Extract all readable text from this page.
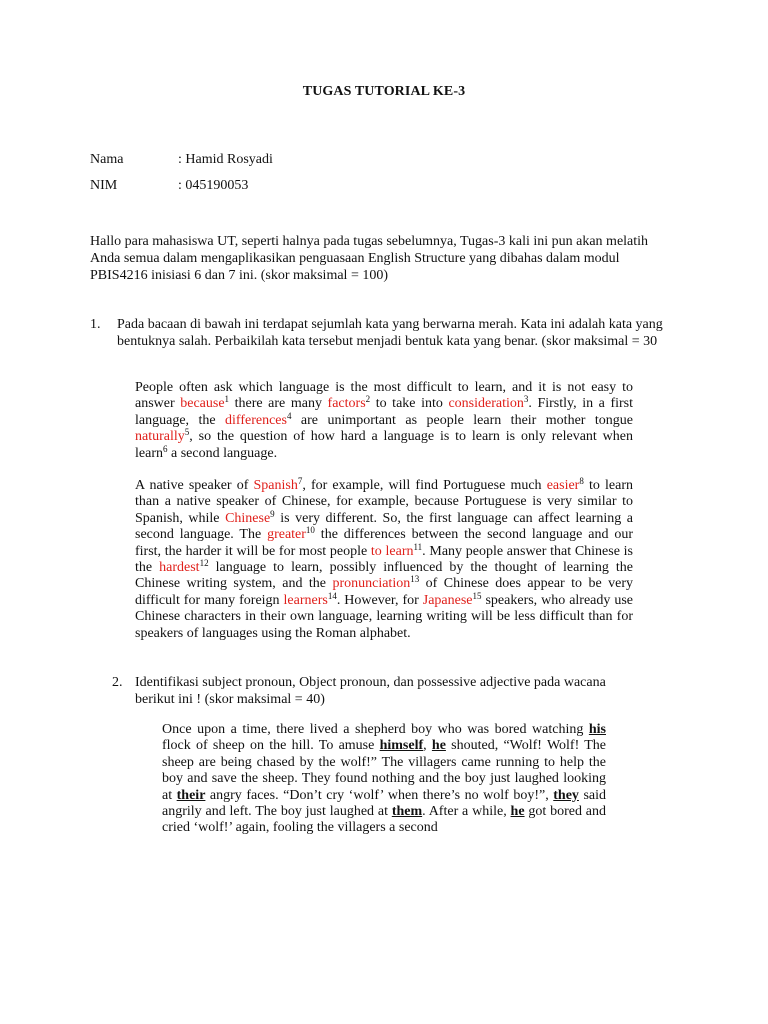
TUGAS TUTORIAL KE-3
Nama	: Hamid Rosyadi
NIM	: 045190053
Hallo para mahasiswa UT, seperti halnya pada tugas sebelumnya, Tugas-3 kali ini pun akan melatih Anda semua dalam mengaplikasikan penguasaan English Structure yang dibahas dalam modul PBIS4216 inisiasi 6 dan 7 ini. (skor maksimal = 100)
1. Pada bacaan di bawah ini terdapat sejumlah kata yang berwarna merah. Kata ini adalah kata yang bentuknya salah. Perbaikilah kata tersebut menjadi bentuk kata yang benar. (skor maksimal = 30

People often ask which language is the most difficult to learn, and it is not easy to answer because$^1$ there are many factors$^2$ to take into consideration$^3$. Firstly, in a first language, the differences$^4$ are unimportant as people learn their mother tongue naturally$^5$, so the question of how hard a language is to learn is only relevant when learn$^6$ a second language.

A native speaker of Spanish$^7$, for example, will find Portuguese much easier$^8$ to learn than a native speaker of Chinese, for example, because Portuguese is very similar to Spanish, while Chinese$^9$ is very different. So, the first language can affect learning a second language. The greater$^{10}$ the differences between the second language and our first, the harder it will be for most people to learn$^{11}$. Many people answer that Chinese is the hardest$^{12}$ language to learn, possibly influenced by the thought of learning the Chinese writing system, and the pronunciation$^{13}$ of Chinese does appear to be very difficult for many foreign learners$^{14}$. However, for Japanese$^{15}$ speakers, who already use Chinese characters in their own language, learning writing will be less difficult than for speakers of languages using the Roman alphabet.

2. Identifikasi subject pronoun, Object pronoun, dan possessive adjective pada wacana berikut ini ! (skor maksimal = 40)

Once upon a time, there lived a shepherd boy who was bored watching his flock of sheep on the hill. To amuse himself, he shouted, “Wolf! Wolf! The sheep are being chased by the wolf!” The villagers came running to help the boy and save the sheep. They found nothing and the boy just laughed looking at their angry faces. “Don’t cry ‘wolf’ when there’s no wolf boy!”, they said angrily and left. The boy just laughed at them. After a while, he got bored and cried ‘wolf!’ again, fooling the villagers a second
